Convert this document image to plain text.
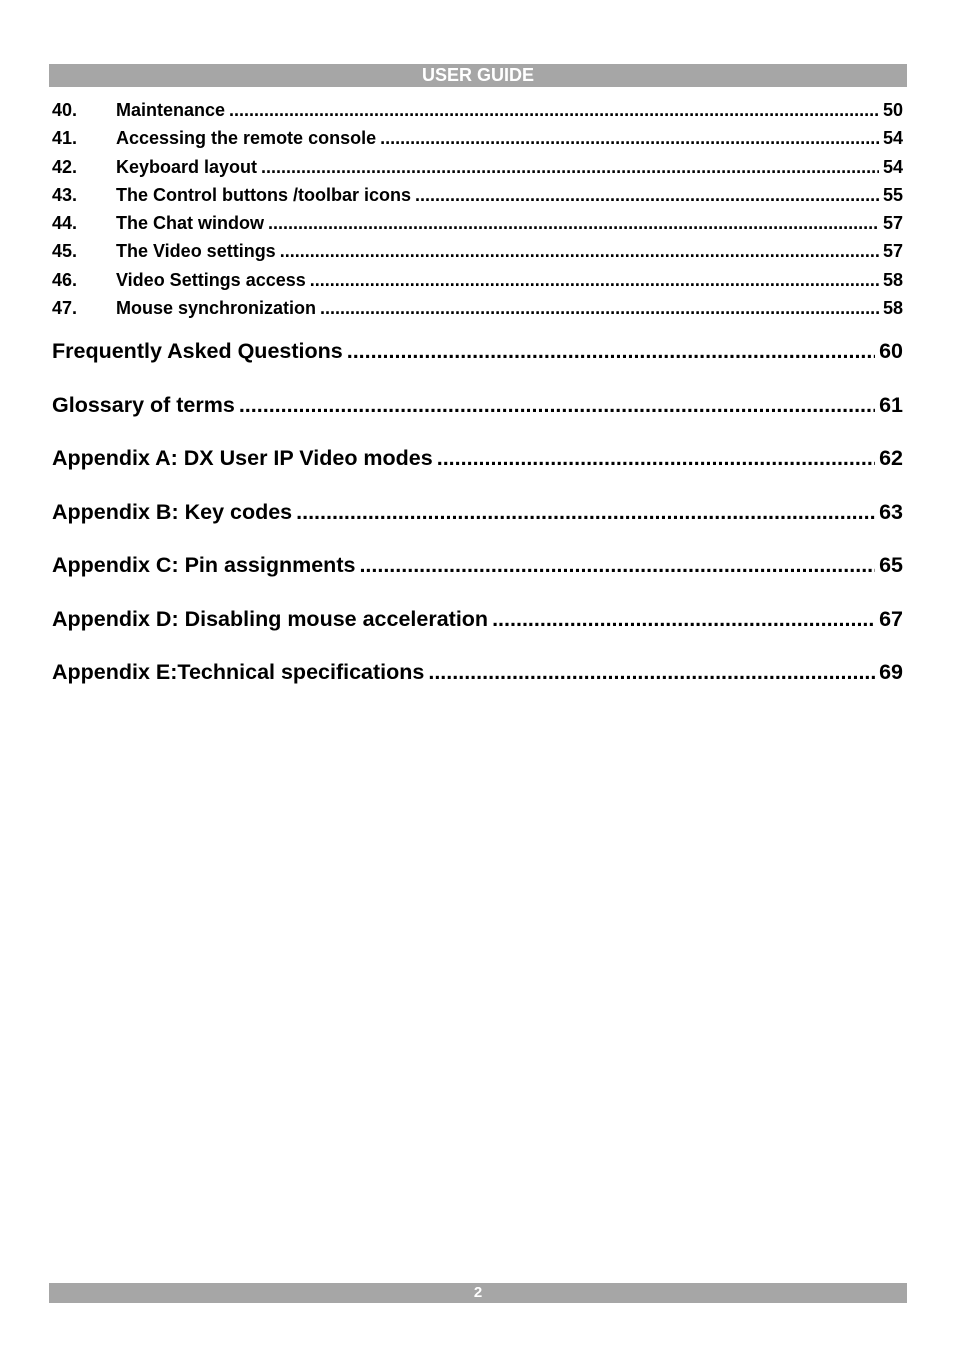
USER GUIDE
40.	Maintenance .....	50
41.	Accessing the remote console .....	54
42.	Keyboard layout .....	54
43.	The Control buttons /toolbar icons .....	55
44.	The Chat window .....	57
45.	The Video settings .....	57
46.	Video Settings access .....	58
47.	Mouse synchronization .....	58
Frequently Asked Questions .....	60
Glossary of terms .....	61
Appendix A: DX User IP Video modes .....	62
Appendix B: Key codes .....	63
Appendix C: Pin assignments .....	65
Appendix D: Disabling mouse acceleration .....	67
Appendix E:Technical specifications .....	69
2
